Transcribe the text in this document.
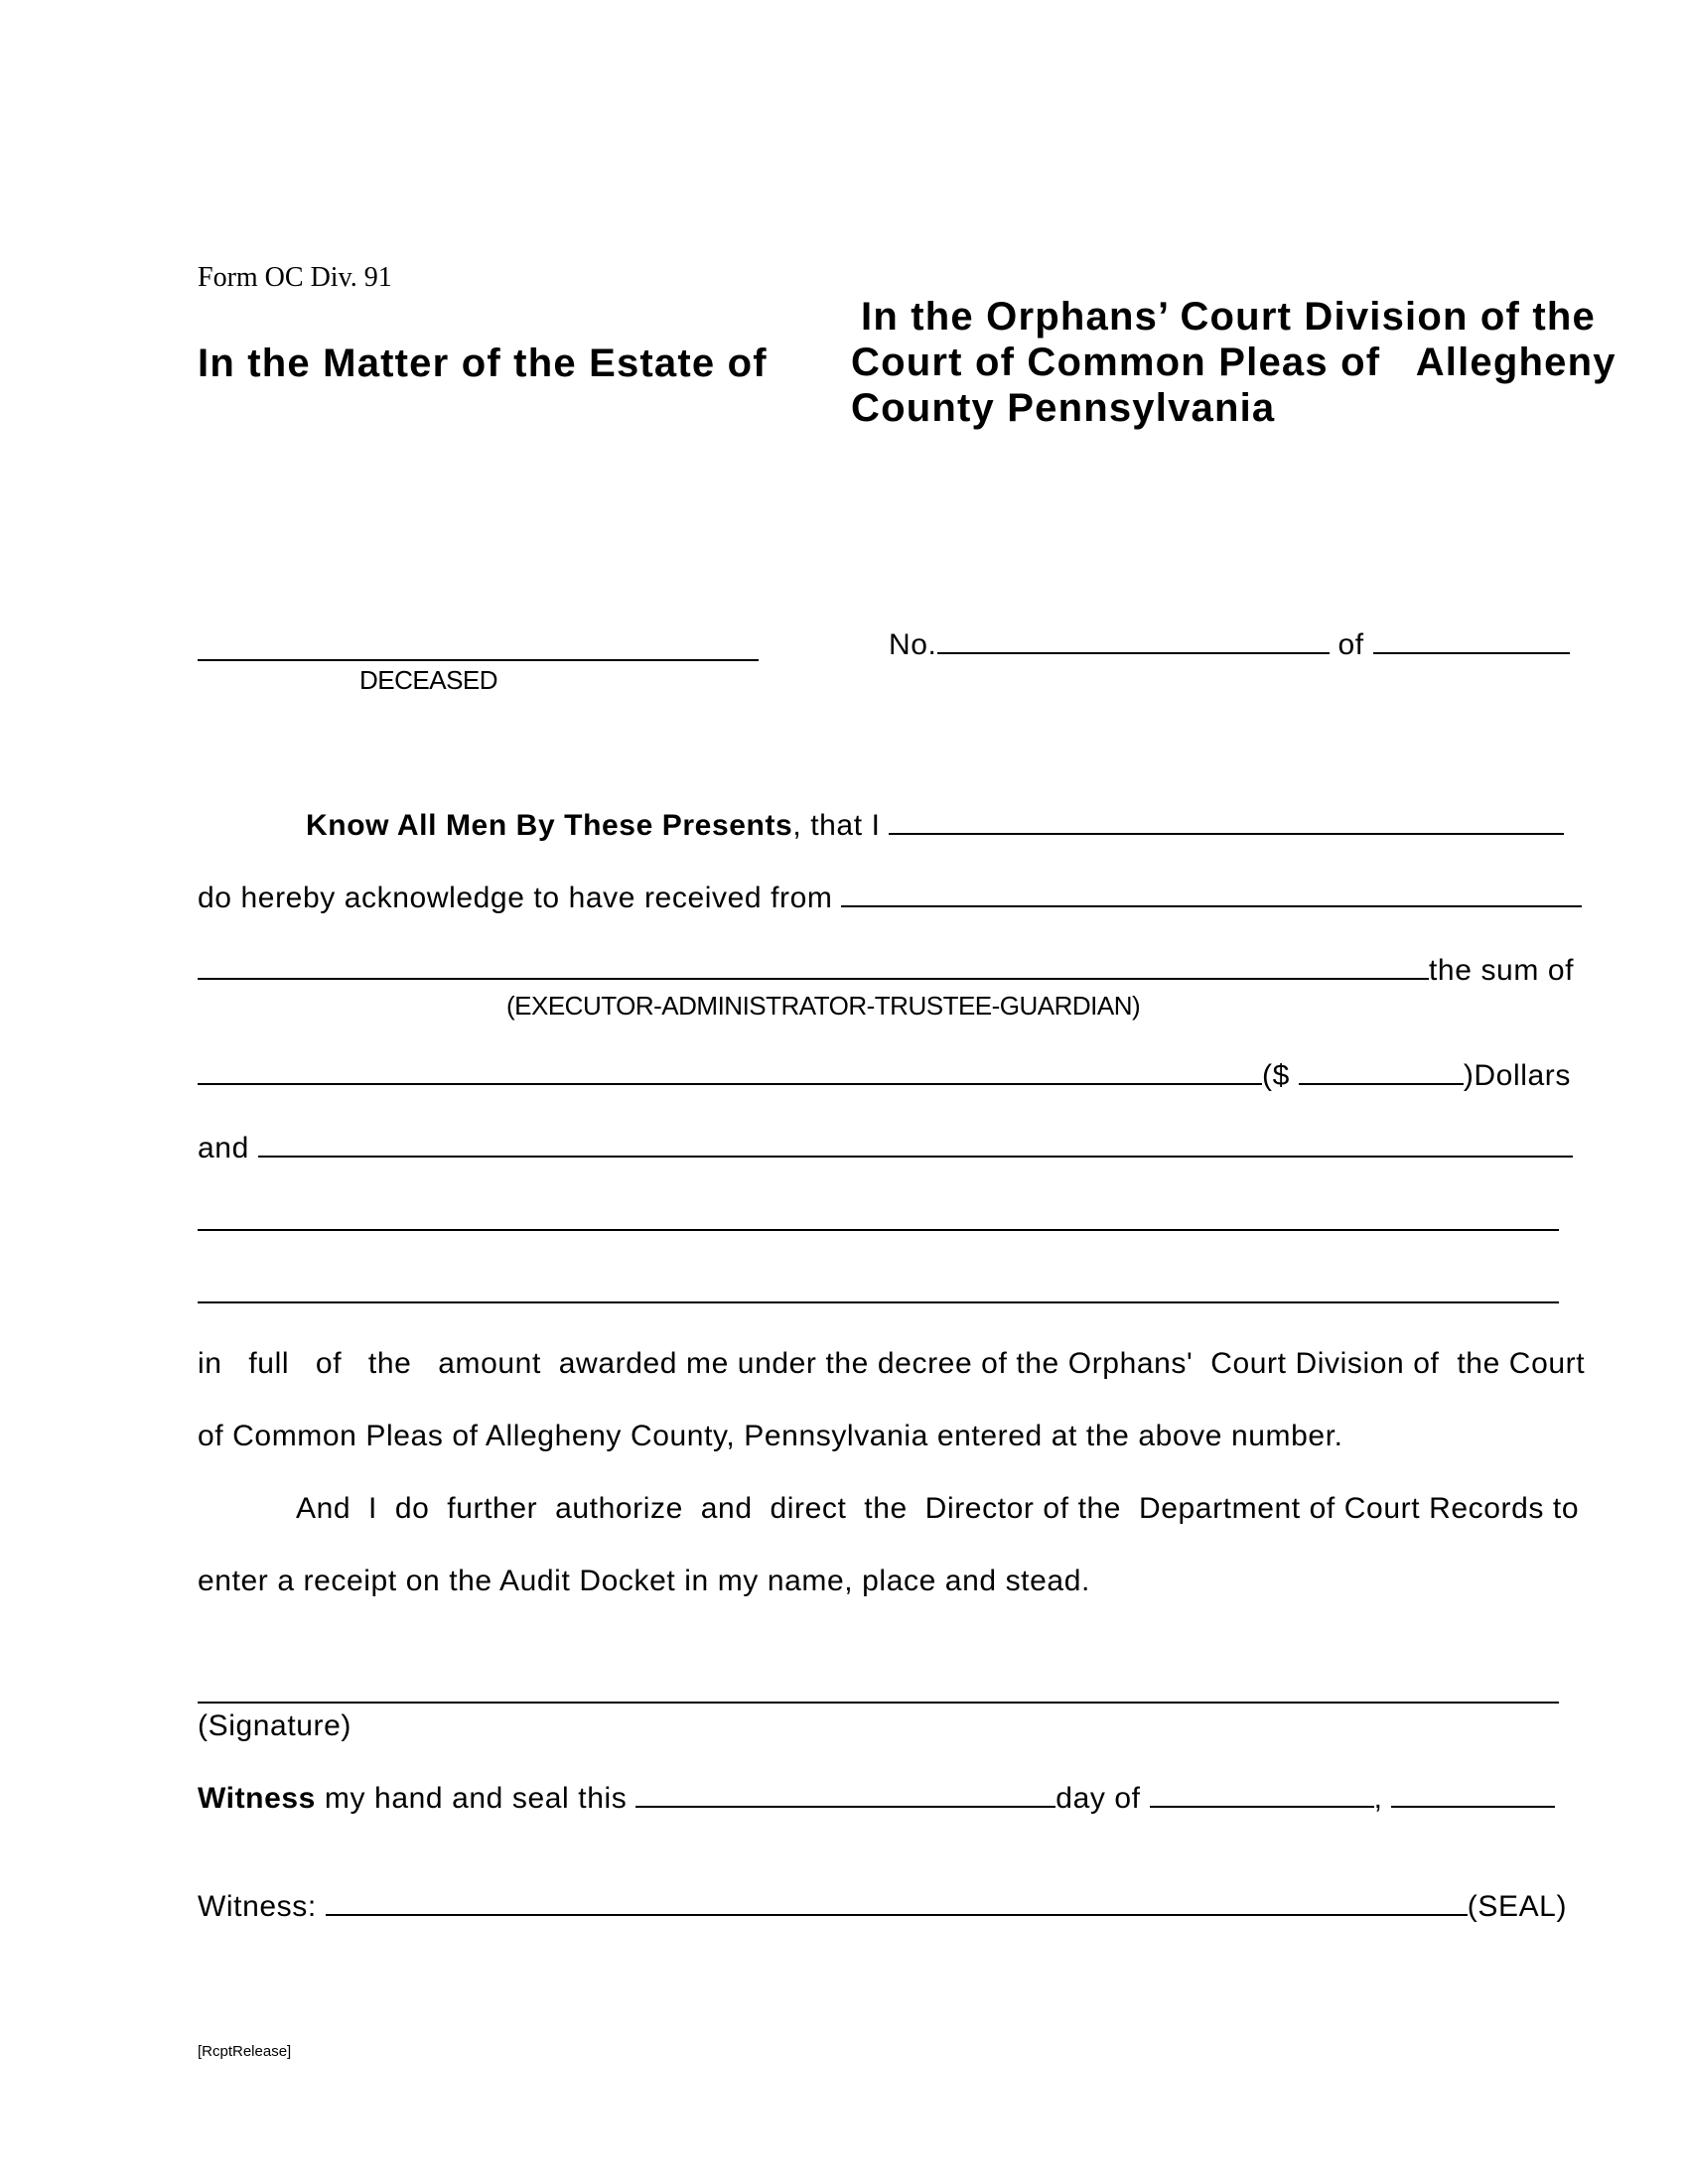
Form OC Div. 91
In the Matter of the Estate of
In the Orphans’ Court Division of the
Court of Common Pleas of   Allegheny
County Pennsylvania
DECEASED
No.	of
Know All Men By These Presents, that I
do hereby acknowledge to have received from
the sum of
(EXECUTOR-ADMINISTRATOR-TRUSTEE-GUARDIAN)
($	)Dollars
and
in   full   of   the   amount  awarded me under the decree of the Orphans'  Court Division of  the Court
of Common Pleas of Allegheny County, Pennsylvania entered at the above number.
And  I  do  further  authorize  and  direct  the  Director of the  Department of Court Records to
enter a receipt on the Audit Docket in my name, place and stead.
(Signature)
Witness my hand and seal this	day of	,
Witness:	(SEAL)
[RcptRelease]
